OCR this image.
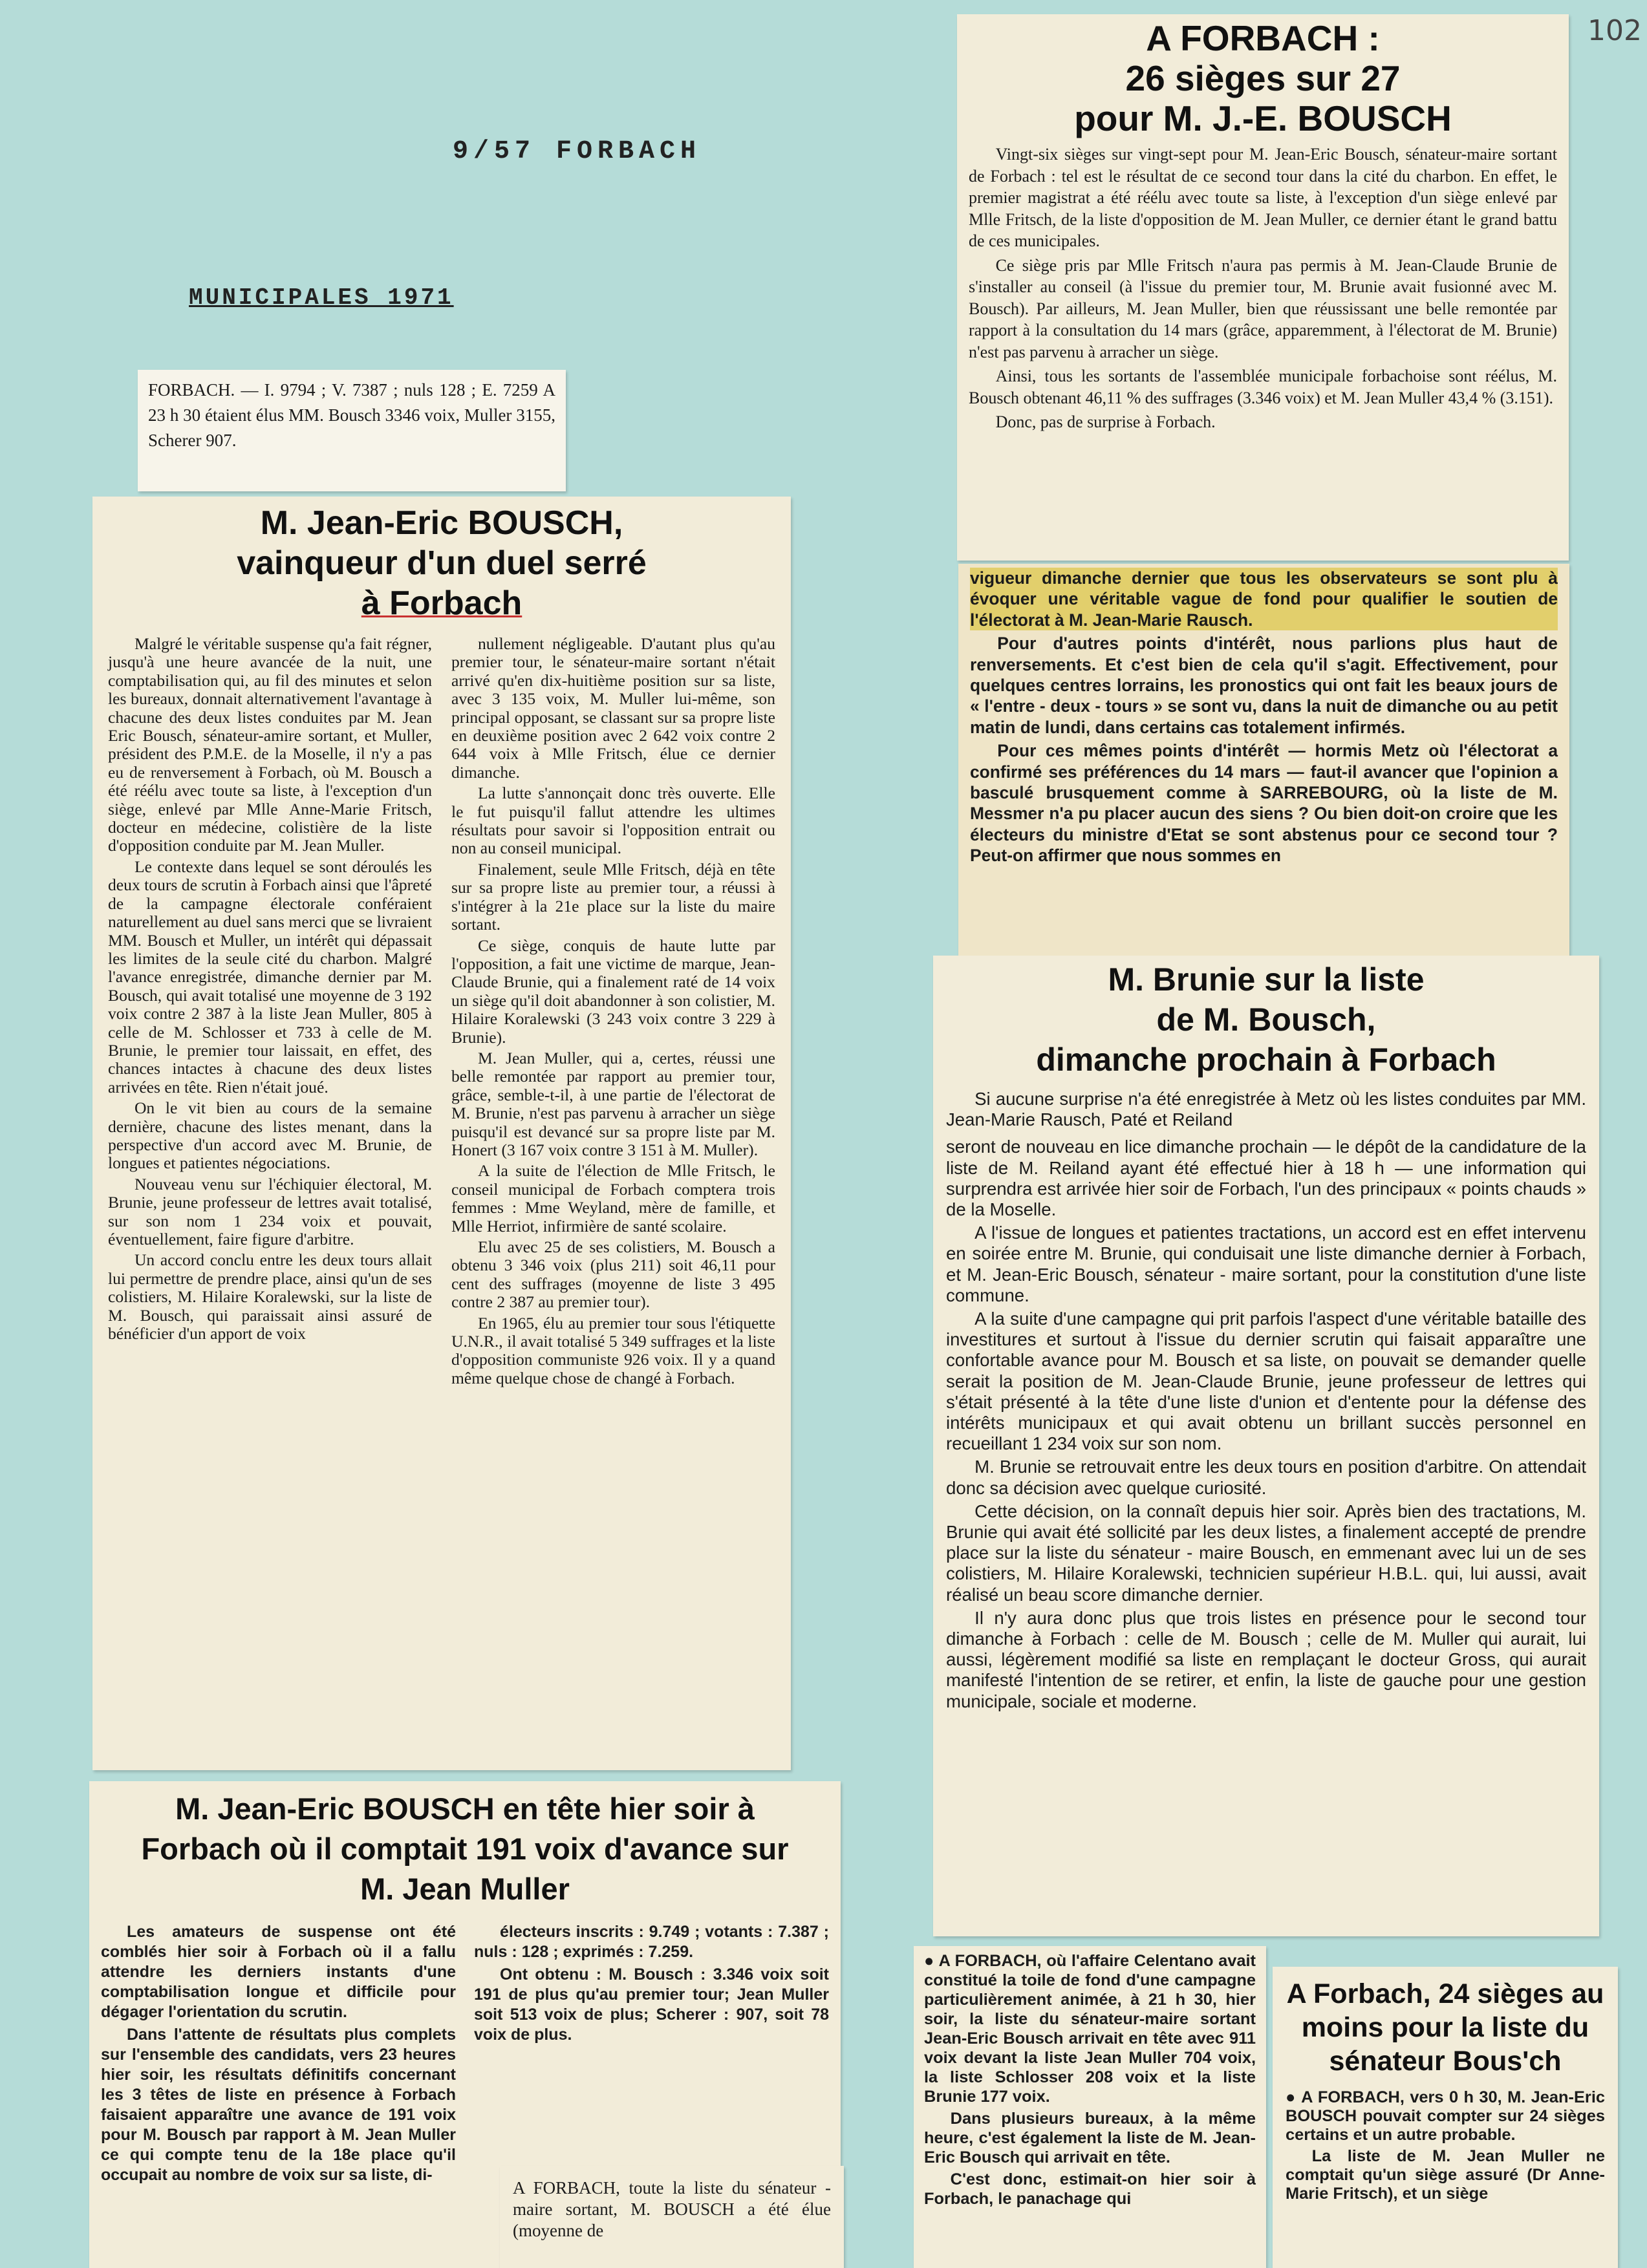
102
9/57 FORBACH
MUNICIPALES 1971
FORBACH. — I. 9794 ; V. 7387 ; nuls 128 ; E. 7259 A 23 h 30 étaient élus MM. Bousch 3346 voix, Muller 3155, Scherer 907.
M. Jean-Eric BOUSCH,
vainqueur d'un duel serré
à Forbach

Malgré le véritable suspense qu'a fait régner, jusqu'à une heure avancée de la nuit, une comptabilisation qui, au fil des minutes et selon les bureaux, donnait alternativement l'avantage à chacune des deux listes conduites par M. Jean Eric Bousch, sénateur-amire sortant, et Muller, président des P.M.E. de la Moselle, il n'y a pas eu de renversement à Forbach, où M. Bousch a été réélu avec toute sa liste, à l'exception d'un siège, enlevé par Mlle Anne-Marie Fritsch, docteur en médecine, colistière de la liste d'opposition conduite par M. Jean Muller.

Le contexte dans lequel se sont déroulés les deux tours de scrutin à Forbach ainsi que l'âpreté de la campagne électorale conféraient naturellement au duel sans merci que se livraient MM. Bousch et Muller, un intérêt qui dépassait les limites de la seule cité du charbon. Malgré l'avance enregistrée, dimanche dernier par M. Bousch, qui avait totalisé une moyenne de 3 192 voix contre 2 387 à la liste Jean Muller, 805 à celle de M. Schlosser et 733 à celle de M. Brunie, le premier tour laissait, en effet, des chances intactes à chacune des deux listes arrivées en tête. Rien n'était joué.

On le vit bien au cours de la semaine dernière, chacune des listes menant, dans la perspective d'un accord avec M. Brunie, de longues et patientes négociations.

Nouveau venu sur l'échiquier électoral, M. Brunie, jeune professeur de lettres avait totalisé, sur son nom 1 234 voix et pouvait, éventuellement, faire figure d'arbitre.

Un accord conclu entre les deux tours allait lui permettre de prendre place, ainsi qu'un de ses colistiers, M. Hilaire Koralewski, sur la liste de M. Bousch, qui paraissait ainsi assuré de bénéficier d'un apport de voix

nullement négligeable. D'autant plus qu'au premier tour, le sénateur-maire sortant n'était arrivé qu'en dix-huitième position sur sa liste, avec 3 135 voix, M. Muller lui-même, son principal opposant, se classant sur sa propre liste en deuxième position avec 2 642 voix contre 2 644 voix à Mlle Fritsch, élue ce dernier dimanche.

La lutte s'annonçait donc très ouverte. Elle le fut puisqu'il fallut attendre les ultimes résultats pour savoir si l'opposition entrait ou non au conseil municipal.

Finalement, seule Mlle Fritsch, déjà en tête sur sa propre liste au premier tour, a réussi à s'intégrer à la 21e place sur la liste du maire sortant.

Ce siège, conquis de haute lutte par l'opposition, a fait une victime de marque, Jean-Claude Brunie, qui a finalement raté de 14 voix un siège qu'il doit abandonner à son colistier, M. Hilaire Koralewski (3 243 voix contre 3 229 à Brunie).

M. Jean Muller, qui a, certes, réussi une belle remontée par rapport au premier tour, grâce, semble-t-il, à une partie de l'électorat de M. Brunie, n'est pas parvenu à arracher un siège puisqu'il est devancé sur sa propre liste par M. Honert (3 167 voix contre 3 151 à M. Muller).

A la suite de l'élection de Mlle Fritsch, le conseil municipal de Forbach comptera trois femmes : Mme Weyland, mère de famille, et Mlle Herriot, infirmière de santé scolaire.

Elu avec 25 de ses colistiers, M. Bousch a obtenu 3 346 voix (plus 211) soit 46,11 pour cent des suffrages (moyenne de liste 3 495 contre 2 387 au premier tour).

En 1965, élu au premier tour sous l'étiquette U.N.R., il avait totalisé 5 349 suffrages et la liste d'opposition communiste 926 voix. Il y a quand même quelque chose de changé à Forbach.

M. Jean-Eric BOUSCH en tête hier soir à Forbach où il comptait 191 voix d'avance sur M. Jean Muller

Les amateurs de suspense ont été comblés hier soir à Forbach où il a fallu attendre les derniers instants d'une comptabilisation longue et difficile pour dégager l'orientation du scrutin.

Dans l'attente de résultats plus complets sur l'ensemble des candidats, vers 23 heures hier soir, les résultats définitifs concernant les 3 têtes de liste en présence à Forbach faisaient apparaître une avance de 191 voix pour M. Bousch par rapport à M. Jean Muller ce qui compte tenu de la 18e place qu'il occupait au nombre de voix sur sa liste, di-

électeurs inscrits : 9.749 ; votants : 7.387 ; nuls : 128 ; exprimés : 7.259.

Ont obtenu : M. Bousch : 3.346 voix soit 191 de plus qu'au premier tour; Jean Muller soit 513 voix de plus; Scherer : 907, soit 78 voix de plus.

A FORBACH, toute la liste du sénateur - maire sortant, M. BOUSCH a été élue (moyenne de
A FORBACH :
26 sièges sur 27
pour M. J.-E. BOUSCH

Vingt-six sièges sur vingt-sept pour M. Jean-Eric Bousch, sénateur-maire sortant de Forbach : tel est le résultat de ce second tour dans la cité du charbon. En effet, le premier magistrat a été réélu avec toute sa liste, à l'exception d'un siège enlevé par Mlle Fritsch, de la liste d'opposition de M. Jean Muller, ce dernier étant le grand battu de ces municipales.

Ce siège pris par Mlle Fritsch n'aura pas permis à M. Jean-Claude Brunie de s'installer au conseil (à l'issue du premier tour, M. Brunie avait fusionné avec M. Bousch). Par ailleurs, M. Jean Muller, bien que réussissant une belle remontée par rapport à la consultation du 14 mars (grâce, apparemment, à l'électorat de M. Brunie) n'est pas parvenu à arracher un siège.

Ainsi, tous les sortants de l'assemblée municipale forbachoise sont réélus, M. Bousch obtenant 46,11 % des suffrages (3.346 voix) et M. Jean Muller 43,4 % (3.151).

Donc, pas de surprise à Forbach.

vigueur dimanche dernier que tous les observateurs se sont plu à évoquer une véritable vague de fond pour qualifier le soutien de l'électorat à M. Jean-Marie Rausch.

Pour d'autres points d'intérêt, nous parlions plus haut de renversements. Et c'est bien de cela qu'il s'agit. Effectivement, pour quelques centres lorrains, les pronostics qui ont fait les beaux jours de « l'entre - deux - tours » se sont vu, dans la nuit de dimanche ou au petit matin de lundi, dans certains cas totalement infirmés.

Pour ces mêmes points d'intérêt — hormis Metz où l'électorat a confirmé ses préférences du 14 mars — faut-il avancer que l'opinion a basculé brusquement comme à SARREBOURG, où la liste de M. Messmer n'a pu placer aucun des siens ? Ou bien doit-on croire que les électeurs du ministre d'Etat se sont abstenus pour ce second tour ? Peut-on affirmer que nous sommes en

M. Brunie sur la liste
de M. Bousch,
dimanche prochain à Forbach

Si aucune surprise n'a été enregistrée à Metz où les listes conduites par MM. Jean-Marie Rausch, Paté et Reiland

seront de nouveau en lice dimanche prochain — le dépôt de la candidature de la liste de M. Reiland ayant été effectué hier à 18 h — une information qui surprendra est arrivée hier soir de Forbach, l'un des principaux « points chauds » de la Moselle.

A l'issue de longues et patientes tractations, un accord est en effet intervenu en soirée entre M. Brunie, qui conduisait une liste dimanche dernier à Forbach, et M. Jean-Eric Bousch, sénateur - maire sortant, pour la constitution d'une liste commune.

A la suite d'une campagne qui prit parfois l'aspect d'une véritable bataille des investitures et surtout à l'issue du dernier scrutin qui faisait apparaître une confortable avance pour M. Bousch et sa liste, on pouvait se demander quelle serait la position de M. Jean-Claude Brunie, jeune professeur de lettres qui s'était présenté à la tête d'une liste d'union et d'entente pour la défense des intérêts municipaux et qui avait obtenu un brillant succès personnel en recueillant 1 234 voix sur son nom.

M. Brunie se retrouvait entre les deux tours en position d'arbitre. On attendait donc sa décision avec quelque curiosité.

Cette décision, on la connaît depuis hier soir. Après bien des tractations, M. Brunie qui avait été sollicité par les deux listes, a finalement accepté de prendre place sur la liste du sénateur - maire Bousch, en emmenant avec lui un de ses colistiers, M. Hilaire Koralewski, technicien supérieur H.B.L. qui, lui aussi, avait réalisé un beau score dimanche dernier.

Il n'y aura donc plus que trois listes en présence pour le second tour dimanche à Forbach : celle de M. Bousch ; celle de M. Muller qui aurait, lui aussi, légèrement modifié sa liste en remplaçant le docteur Gross, qui aurait manifesté l'intention de se retirer, et enfin, la liste de gauche pour une gestion municipale, sociale et moderne.

● A FORBACH, où l'affaire Celentano avait constitué la toile de fond d'une campagne particulièrement animée, à 21 h 30, hier soir, la liste du sénateur-maire sortant Jean-Eric Bousch arrivait en tête avec 911 voix devant la liste Jean Muller 704 voix, la liste Schlosser 208 voix et la liste Brunie 177 voix.

Dans plusieurs bureaux, à la même heure, c'est également la liste de M. Jean-Eric Bousch qui arrivait en tête.

C'est donc, estimait-on hier soir à Forbach, le panachage qui

A Forbach, 24 sièges au moins pour la liste du sénateur Bous'ch

● A FORBACH, vers 0 h 30, M. Jean-Eric BOUSCH pouvait compter sur 24 sièges certains et un autre probable.

La liste de M. Jean Muller ne comptait qu'un siège assuré (Dr Anne-Marie Fritsch), et un siège
